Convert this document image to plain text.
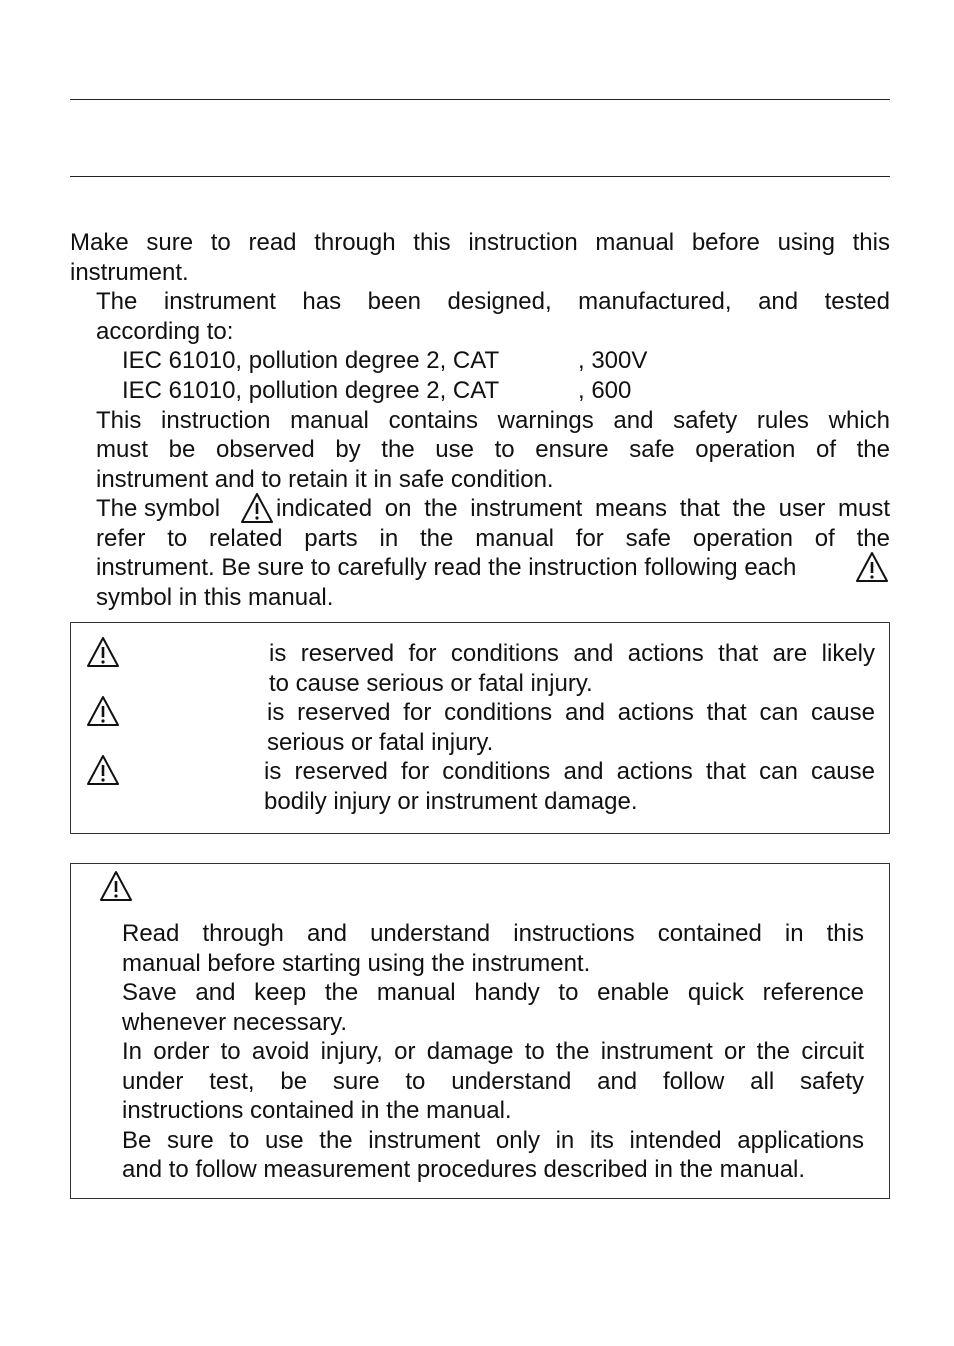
Make sure to read through this instruction manual before using this
instrument.
The instrument has been designed, manufactured, and tested
according to:
IEC 61010, pollution degree 2, CAT	, 300V
IEC 61010, pollution degree 2, CAT	, 600
This instruction manual contains warnings and safety rules which
must be observed by the use to ensure safe operation of the
instrument and to retain it in safe condition.
The symbol indicated on the instrument means that the user must
refer to related parts in the manual for safe operation of the
instrument. Be sure to carefully read the instruction following each
symbol in this manual.
is reserved for conditions and actions that are likely
to cause serious or fatal injury.
is reserved for conditions and actions that can cause
serious or fatal injury.
is reserved for conditions and actions that can cause
bodily injury or instrument damage.
Read through and understand instructions contained in this
manual before starting using the instrument.
Save and keep the manual handy to enable quick reference
whenever necessary.
In order to avoid injury, or damage to the instrument or the circuit
under test, be sure to understand and follow all safety
instructions contained in the manual.
Be sure to use the instrument only in its intended applications
and to follow measurement procedures described in the manual.
